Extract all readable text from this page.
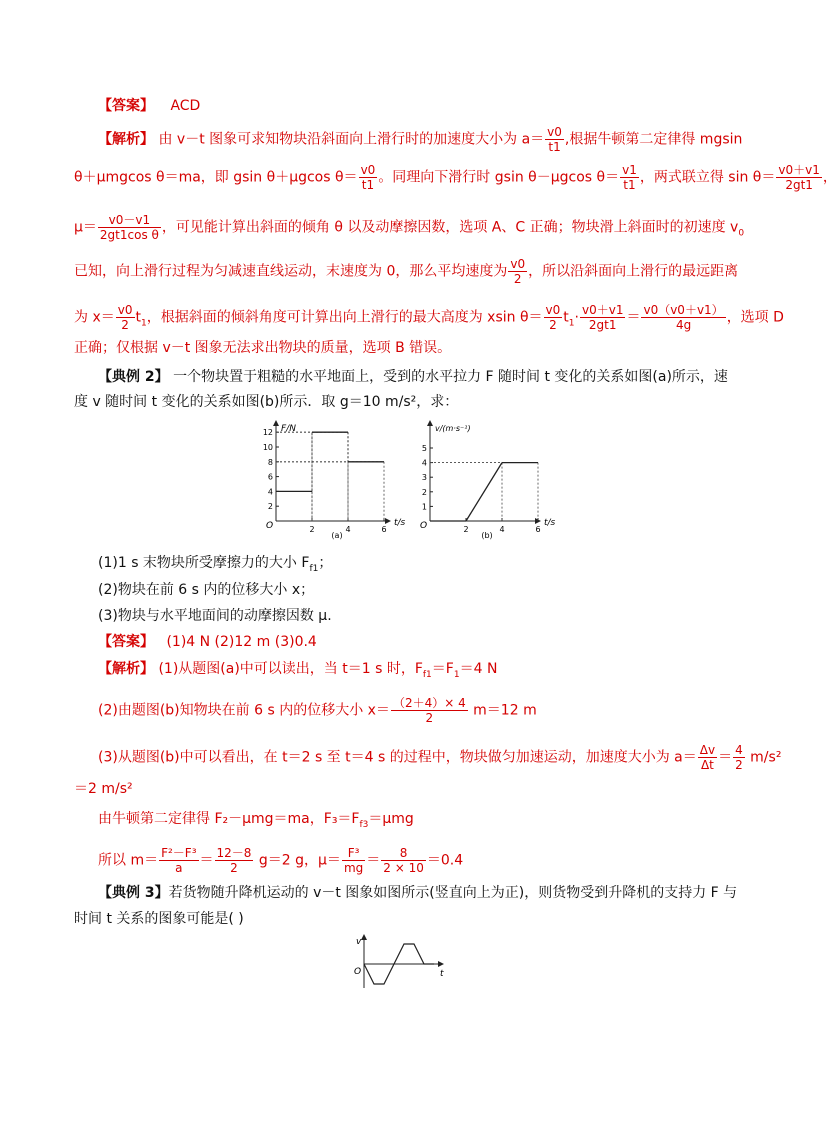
【答案】 ACD
【解析】 由 v－t 图象可求知物块沿斜面向上滑行时的加速度大小为 $a= \frac{v0}{t1}$ ,根据牛顿第二定律得 mgsin
θ＋μmgcos θ＝ma，即 gsin θ＋μgcos $\theta= \frac{v0}{t1}$ 。同理向下滑行时 gsin θ－μgcos $\theta= \frac{v1}{t1}$ ，两式联立得 $\sin \theta= \frac{v0+v1}{2gt1}$ ，
$\mu= \frac{v0-v1}{\text{2gt1cos θ}}$ ，可见能计算出斜面的倾角 θ 以及动摩擦因数，选项 A、C 正确；物块滑上斜面时的初速度 $v_0$
已知，向上滑行过程为匀减速直线运动，末速度为 0，那么平均速度为 $\frac{v0}{2}$ ，所以沿斜面向上滑行的最远距离
为 $x= \frac{v0}{2} t_1$，根据斜面的倾斜角度可计算出向上滑行的最大高度为 xsin $\theta= \frac{v0}{2} t_1\cdot \frac{v0+v1}{2gt1} = \frac{v0(v0+v1)}{4g}$ ，选项 D
正确；仅根据 v－t 图象无法求出物块的质量，选项 B 错误。
【典例 2】 一个物块置于粗糙的水平地面上，受到的水平拉力 F 随时间 t 变化的关系如图(a)所示，速
度 v 随时间 t 变化的关系如图(b)所示．取 g＝10 m/s²，求：
F/N
t/s
O
2
4
6
8
10
12
2	4	6
(a)
v/(m·s⁻¹)
t/s
O
1
2
3
4
5
2	4	6
(b)
(1)1 s 末物块所受摩擦力的大小 $F_{f1}$；
(2)物块在前 6 s 内的位移大小 x；
(3)物块与水平地面间的动摩擦因数 μ.
【答案】 (1)4 N (2)12 m (3)0.4
【解析】 (1)从题图(a)中可以读出，当 t＝1 s 时，$F_{f1}=F_1=4$ N
(2)由题图(b)知物块在前 6 s 内的位移大小 $x= \frac{(2+4)\times 4}{2} m=12$ m
(3)从题图(b)中可以看出，在 t＝2 s 至 t＝4 s 的过程中，物块做匀加速运动，加速度大小为 $a= \frac{\Delta v}{\Delta t} = \frac{4}{2} m/s^2$
＝2 m/s²
由牛顿第二定律得 F₂－μmg＝ma，$F_3=F_{f3}=\mu mg$
所以 $m= \frac{\text{F²－F³}}{a} = \frac{12-8}{2} g=2$ g，$\mu= \frac{\text{F³}}{mg} = \frac{8}{2 \times 10} =0.4$
【典例 3】若货物随升降机运动的 v－t 图象如图所示(竖直向上为正)，则货物受到升降机的支持力 F 与
时间 t 关系的图象可能是( )
v
t
O
